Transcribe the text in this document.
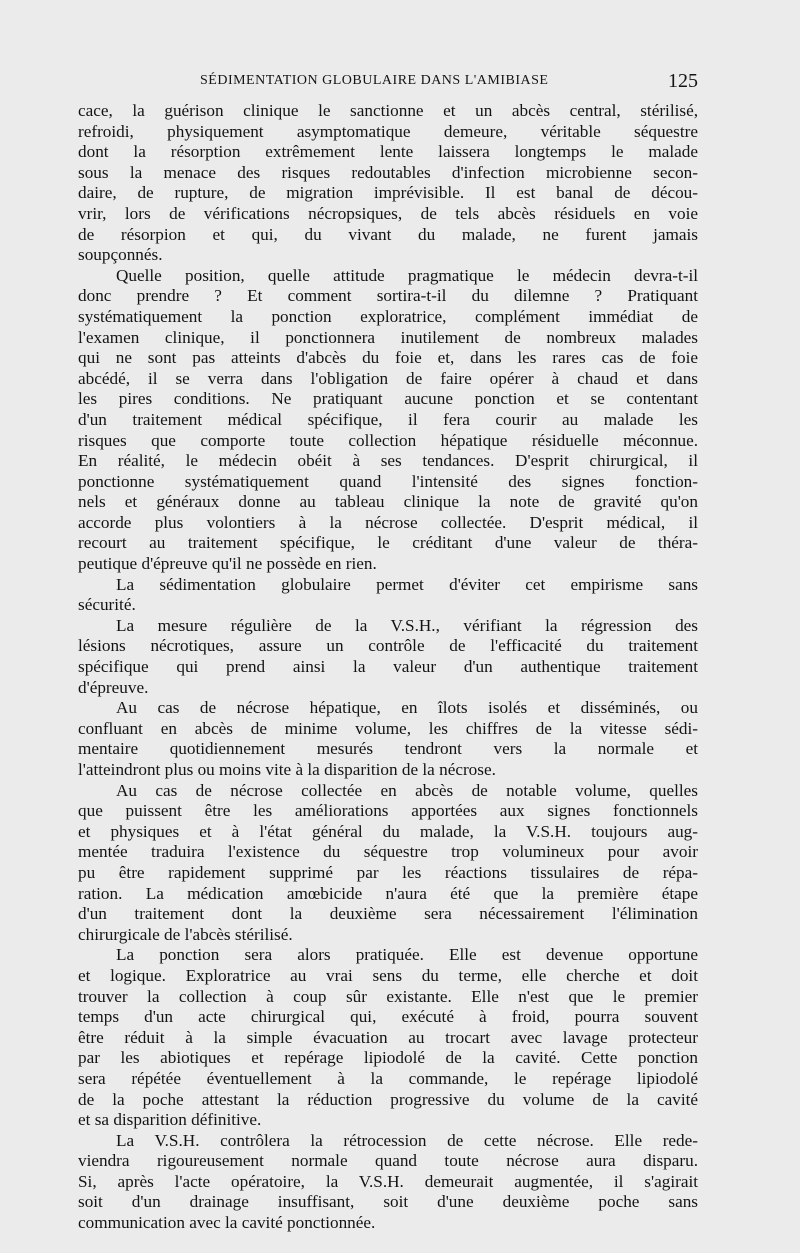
SÉDIMENTATION GLOBULAIRE DANS L'AMIBIASE	125
cace, la guérison clinique le sanctionne et un abcès central, stérilisé,
refroidi, physiquement asymptomatique demeure, véritable séquestre
dont la résorption extrêmement lente laissera longtemps le malade
sous la menace des risques redoutables d'infection microbienne secon-
daire, de rupture, de migration imprévisible. Il est banal de décou-
vrir, lors de vérifications nécropsiques, de tels abcès résiduels en voie
de résorpion et qui, du vivant du malade, ne furent jamais
soupçonnés.
Quelle position, quelle attitude pragmatique le médecin devra-t-il
donc prendre ? Et comment sortira-t-il du dilemne ? Pratiquant
systématiquement la ponction exploratrice, complément immédiat de
l'examen clinique, il ponctionnera inutilement de nombreux malades
qui ne sont pas atteints d'abcès du foie et, dans les rares cas de foie
abcédé, il se verra dans l'obligation de faire opérer à chaud et dans
les pires conditions. Ne pratiquant aucune ponction et se contentant
d'un traitement médical spécifique, il fera courir au malade les
risques que comporte toute collection hépatique résiduelle méconnue.
En réalité, le médecin obéit à ses tendances. D'esprit chirurgical, il
ponctionne systématiquement quand l'intensité des signes fonction-
nels et généraux donne au tableau clinique la note de gravité qu'on
accorde plus volontiers à la nécrose collectée. D'esprit médical, il
recourt au traitement spécifique, le créditant d'une valeur de théra-
peutique d'épreuve qu'il ne possède en rien.
La sédimentation globulaire permet d'éviter cet empirisme sans
sécurité.
La mesure régulière de la V.S.H., vérifiant la régression des
lésions nécrotiques, assure un contrôle de l'efficacité du traitement
spécifique qui prend ainsi la valeur d'un authentique traitement
d'épreuve.
Au cas de nécrose hépatique, en îlots isolés et disséminés, ou
confluant en abcès de minime volume, les chiffres de la vitesse sédi-
mentaire quotidiennement mesurés tendront vers la normale et
l'atteindront plus ou moins vite à la disparition de la nécrose.
Au cas de nécrose collectée en abcès de notable volume, quelles
que puissent être les améliorations apportées aux signes fonctionnels
et physiques et à l'état général du malade, la V.S.H. toujours aug-
mentée traduira l'existence du séquestre trop volumineux pour avoir
pu être rapidement supprimé par les réactions tissulaires de répa-
ration. La médication amœbicide n'aura été que la première étape
d'un traitement dont la deuxième sera nécessairement l'élimination
chirurgicale de l'abcès stérilisé.
La ponction sera alors pratiquée. Elle est devenue opportune
et logique. Exploratrice au vrai sens du terme, elle cherche et doit
trouver la collection à coup sûr existante. Elle n'est que le premier
temps d'un acte chirurgical qui, exécuté à froid, pourra souvent
être réduit à la simple évacuation au trocart avec lavage protecteur
par les abiotiques et repérage lipiodolé de la cavité. Cette ponction
sera répétée éventuellement à la commande, le repérage lipiodolé
de la poche attestant la réduction progressive du volume de la cavité
et sa disparition définitive.
La V.S.H. contrôlera la rétrocession de cette nécrose. Elle rede-
viendra rigoureusement normale quand toute nécrose aura disparu.
Si, après l'acte opératoire, la V.S.H. demeurait augmentée, il s'agirait
soit d'un drainage insuffisant, soit d'une deuxième poche sans
communication avec la cavité ponctionnée.
